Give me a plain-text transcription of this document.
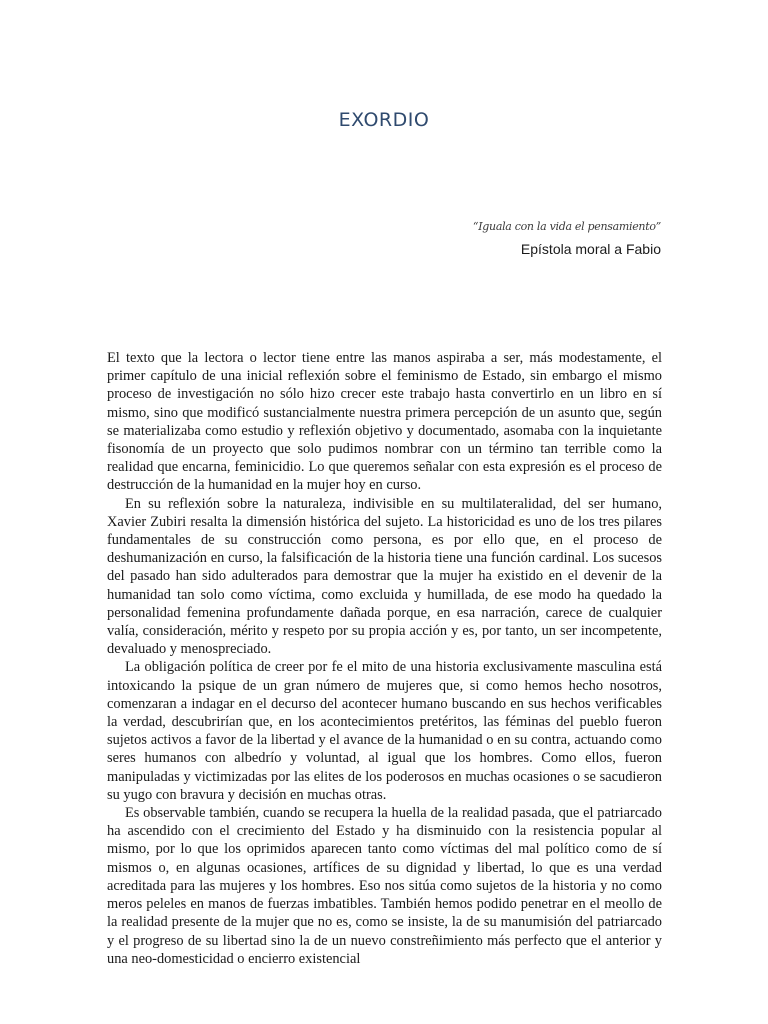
EXORDIO
“Iguala con la vida el pensamiento”
Epístola moral a Fabio

El texto que la lectora o lector tiene entre las manos aspiraba a ser, más modestamente, el primer capítulo de una inicial reflexión sobre el feminismo de Estado, sin embargo el mismo proceso de investigación no sólo hizo crecer este trabajo hasta convertirlo en un libro en sí mismo, sino que modificó sustancialmente nuestra primera percepción de un asunto que, según se materializaba como estudio y reflexión objetivo y documentado, asomaba con la inquietante fisonomía de un proyecto que solo pudimos nombrar con un término tan terrible como la realidad que encarna, feminicidio. Lo que queremos señalar con esta expresión es el proceso de destrucción de la humanidad en la mujer hoy en curso.

En su reflexión sobre la naturaleza, indivisible en su multilateralidad, del ser humano, Xavier Zubiri resalta la dimensión histórica del sujeto. La historicidad es uno de los tres pilares fundamentales de su construcción como persona, es por ello que, en el proceso de deshumanización en curso, la falsificación de la historia tiene una función cardinal. Los sucesos del pasado han sido adulterados para demostrar que la mujer ha existido en el devenir de la humanidad tan solo como víctima, como excluida y humillada, de ese modo ha quedado la personalidad femenina profundamente dañada porque, en esa narración, carece de cualquier valía, consideración, mérito y respeto por su propia acción y es, por tanto, un ser incompetente, devaluado y menospreciado.

La obligación política de creer por fe el mito de una historia exclusivamente masculina está intoxicando la psique de un gran número de mujeres que, si como hemos hecho nosotros, comenzaran a indagar en el decurso del acontecer humano buscando en sus hechos verificables la verdad, descubrirían que, en los acontecimientos pretéritos, las féminas del pueblo fueron sujetos activos a favor de la libertad y el avance de la humanidad o en su contra, actuando como seres humanos con albedrío y voluntad, al igual que los hombres. Como ellos, fueron manipuladas y victimizadas por las elites de los poderosos en muchas ocasiones o se sacudieron su yugo con bravura y decisión en muchas otras.

Es observable también, cuando se recupera la huella de la realidad pasada, que el patriarcado ha ascendido con el crecimiento del Estado y ha disminuido con la resistencia popular al mismo, por lo que los oprimidos aparecen tanto como víctimas del mal político como de sí mismos o, en algunas ocasiones, artífices de su dignidad y libertad, lo que es una verdad acreditada para las mujeres y los hombres. Eso nos sitúa como sujetos de la historia y no como meros peleles en manos de fuerzas imbatibles. También hemos podido penetrar en el meollo de la realidad presente de la mujer que no es, como se insiste, la de su manumisión del patriarcado y el progreso de su libertad sino la de un nuevo constreñimiento más perfecto que el anterior y una neo-domesticidad o encierro existencial
